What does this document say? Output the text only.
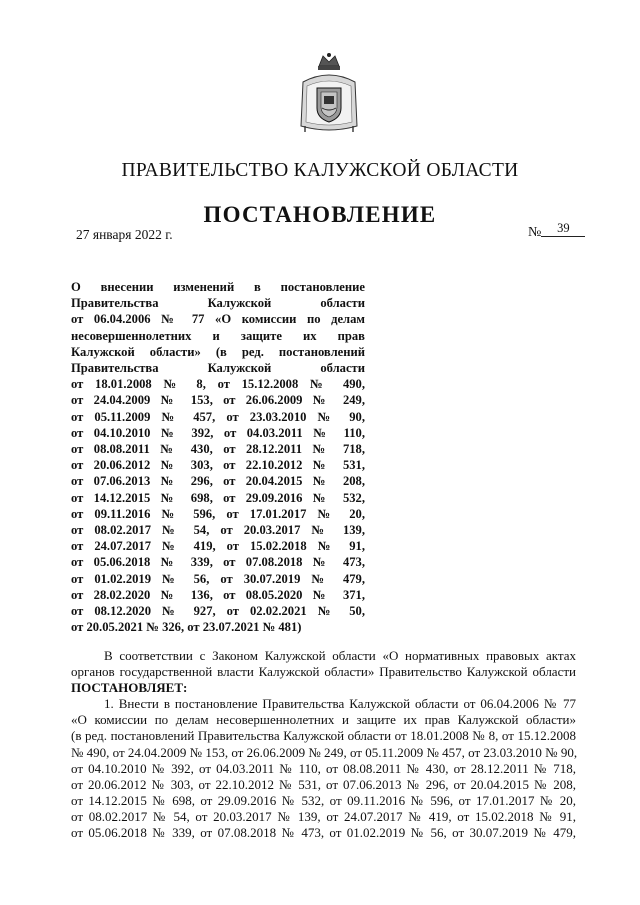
ПРАВИТЕЛЬСТВО КАЛУЖСКОЙ ОБЛАСТИ
ПОСТАНОВЛЕНИЕ
27 января 2022 г.	№ 39
О внесении изменений в постановление
Правительства Калужской области
от 06.04.2006 № 77 «О комиссии по делам
несовершеннолетних и защите их прав
Калужской области» (в ред. постановлений
Правительства Калужской области
от 18.01.2008 № 8, от 15.12.2008 № 490,
от 24.04.2009 № 153, от 26.06.2009 № 249,
от 05.11.2009 № 457, от 23.03.2010 № 90,
от 04.10.2010 № 392, от 04.03.2011 № 110,
от 08.08.2011 № 430, от 28.12.2011 № 718,
от 20.06.2012 № 303, от 22.10.2012 № 531,
от 07.06.2013 № 296, от 20.04.2015 № 208,
от 14.12.2015 № 698, от 29.09.2016 № 532,
от 09.11.2016 № 596, от 17.01.2017 № 20,
от 08.02.2017 № 54, от 20.03.2017 № 139,
от 24.07.2017 № 419, от 15.02.2018 № 91,
от 05.06.2018 № 339, от 07.08.2018 № 473,
от 01.02.2019 № 56, от 30.07.2019 № 479,
от 28.02.2020 № 136, от 08.05.2020 № 371,
от 08.12.2020 № 927, от 02.02.2021 № 50,
от 20.05.2021 № 326, от 23.07.2021 № 481)
В соответствии с Законом Калужской области «О нормативных правовых актах
органов государственной власти Калужской области» Правительство Калужской области
ПОСТАНОВЛЯЕТ:
1. Внести в постановление Правительства Калужской области от 06.04.2006 № 77
«О комиссии по делам несовершеннолетних и защите их прав Калужской области»
(в ред. постановлений Правительства Калужской области от 18.01.2008 № 8, от 15.12.2008
№ 490, от 24.04.2009 № 153, от 26.06.2009 № 249, от 05.11.2009 № 457, от 23.03.2010 № 90,
от 04.10.2010 № 392, от 04.03.2011 № 110, от 08.08.2011 № 430, от 28.12.2011 № 718,
от 20.06.2012 № 303, от 22.10.2012 № 531, от 07.06.2013 № 296, от 20.04.2015 № 208,
от 14.12.2015 № 698, от 29.09.2016 № 532, от 09.11.2016 № 596, от 17.01.2017 № 20,
от 08.02.2017 № 54, от 20.03.2017 № 139, от 24.07.2017 № 419, от 15.02.2018 № 91,
от 05.06.2018 № 339, от 07.08.2018 № 473, от 01.02.2019 № 56, от 30.07.2019 № 479,
